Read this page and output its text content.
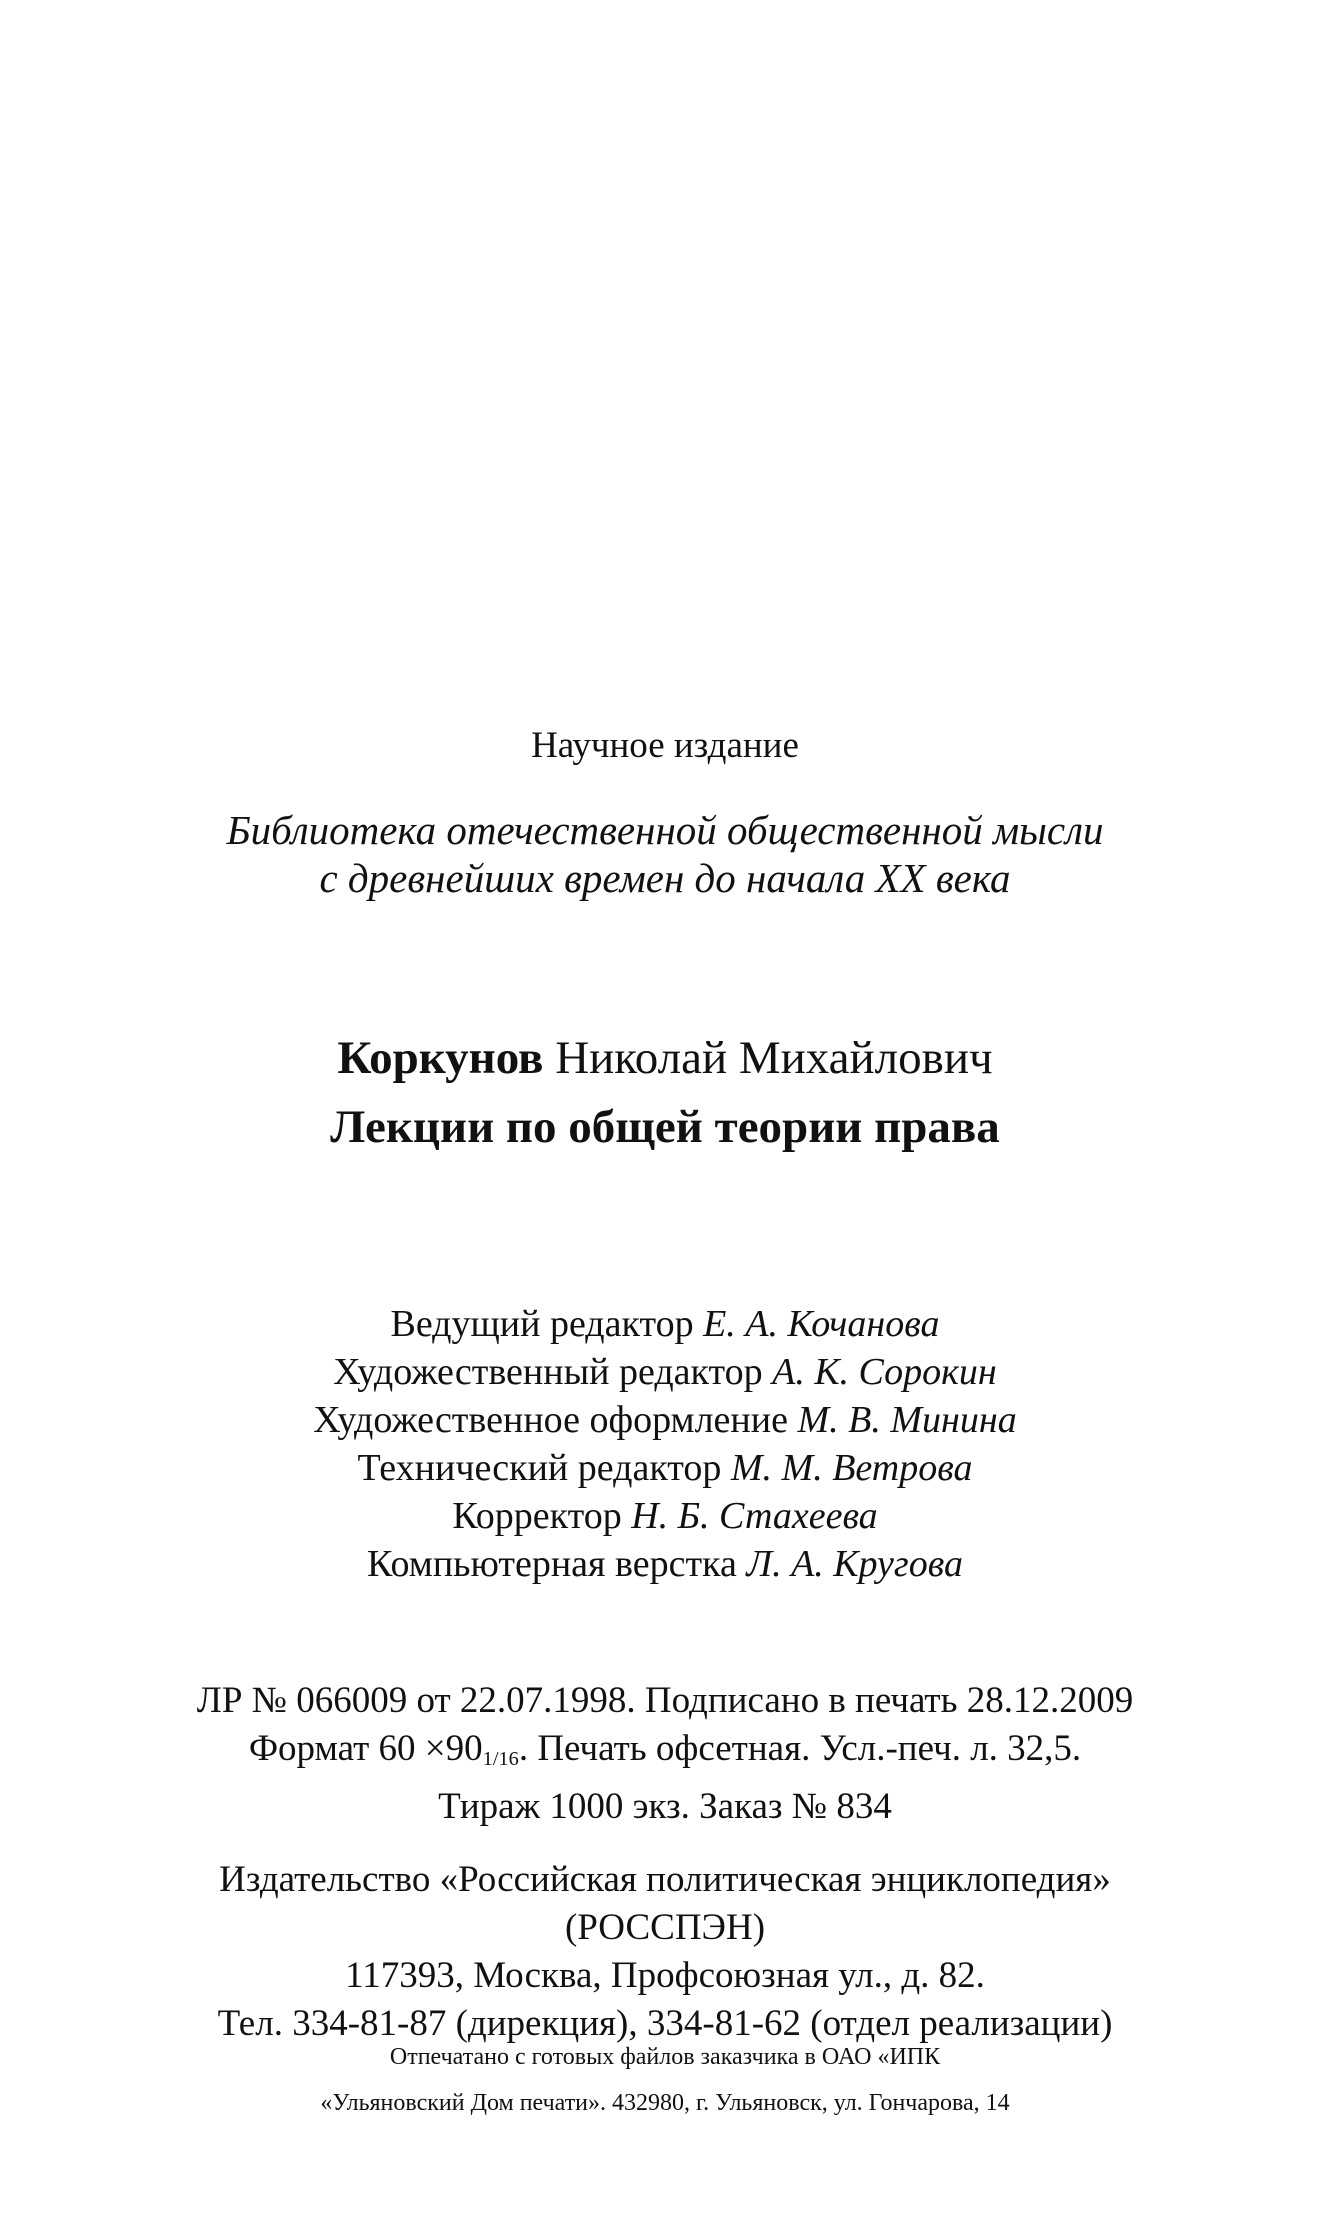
Научное издание
Библиотека отечественной общественной мысли
с древнейших времен до начала XX века
Коркунов Николай Михайлович
Лекции по общей теории права
Ведущий редактор Е. А. Кочанова
Художественный редактор А. К. Сорокин
Художественное оформление М. В. Минина
Технический редактор М. М. Ветрова
Корректор Н. Б. Стахеева
Компьютерная верстка Л. А. Кругова
ЛР № 066009 от 22.07.1998. Подписано в печать 28.12.2009
Формат $60 \times 90_{1/16}$. Печать офсетная. Усл.-печ. л. 32,5.
Тираж 1000 экз. Заказ № 834
Издательство «Российская политическая энциклопедия»
(РОССПЭН)
117393, Москва, Профсоюзная ул., д. 82.
Тел. 334-81-87 (дирекция), 334-81-62 (отдел реализации)
Отпечатано с готовых файлов заказчика в ОАО «ИПК
«Ульяновский Дом печати». 432980, г. Ульяновск, ул. Гончарова, 14
